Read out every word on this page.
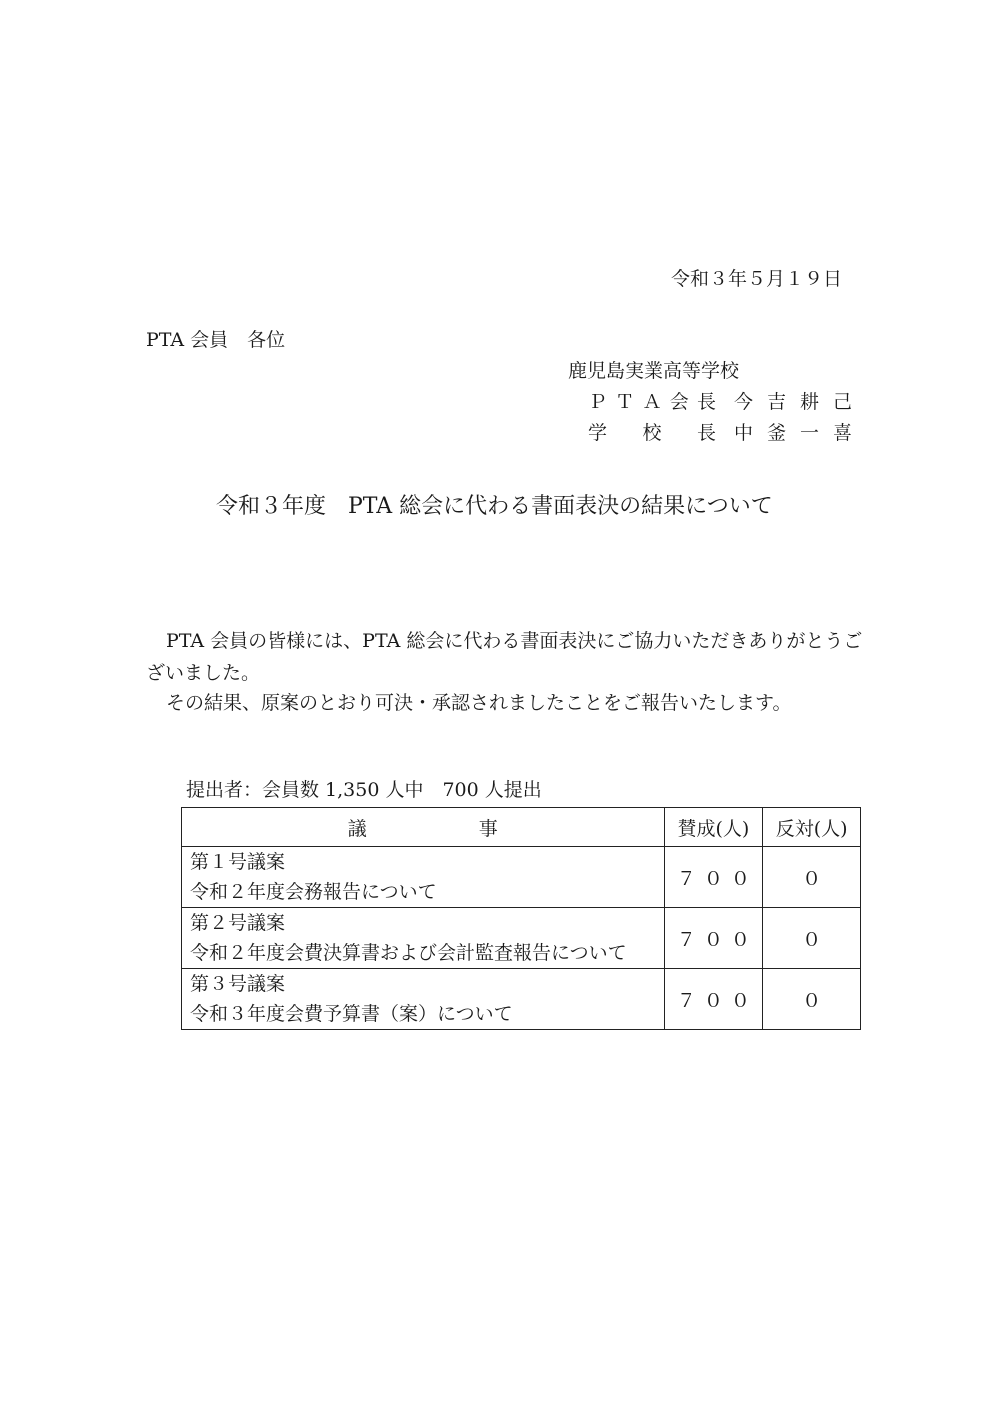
令和３年５月１９日
PTA 会員　各位
鹿児島実業高等学校
Ｐ Ｔ Ａ 会 長 今 吉 耕 己
学 校 長 中 釜 一 喜
令和３年度　PTA 総会に代わる書面表決の結果について
PTA 会員の皆様には、PTA 総会に代わる書面表決にご協力いただきありがとうございました。
その結果、原案のとおり可決・承認されましたことをご報告いたします。
提出者：会員数 1,350 人中　700 人提出
議 事	賛成(人)	反対(人)

第１号議案
令和２年度会務報告について	７００	０

第２号議案
令和２年度会費決算書および会計監査報告について	７００	０

第３号議案
令和３年度会費予算書（案）について	７００	０
